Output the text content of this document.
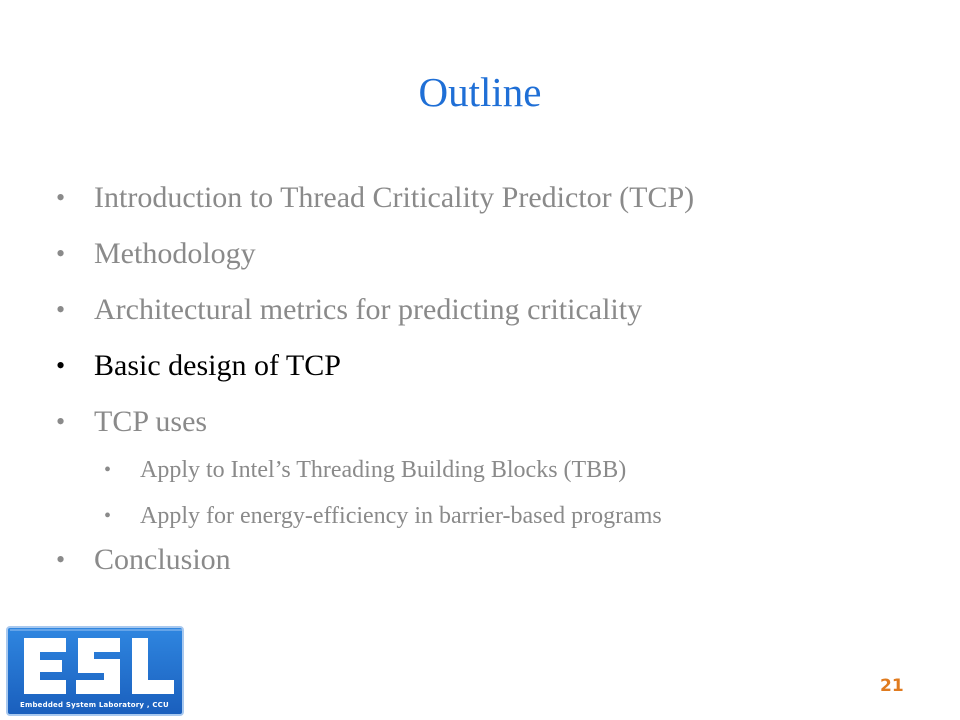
Outline
• Introduction to Thread Criticality Predictor (TCP)
• Methodology
• Architectural metrics for predicting criticality
• Basic design of TCP
• TCP uses
• Apply to Intel’s Threading Building Blocks (TBB)
• Apply for energy-efficiency in barrier-based programs
• Conclusion
Embedded System Laboratory , CCU
21
